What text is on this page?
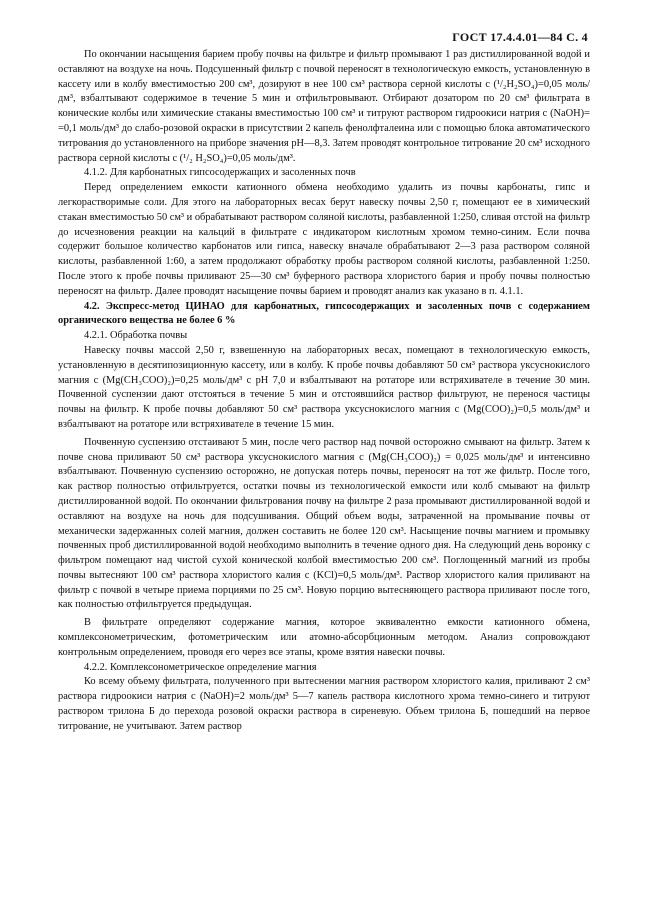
ГОСТ 17.4.4.01—84 С. 4

По окончании насыщения барием пробу почвы на фильтре и фильтр промывают 1 раз дистиллированной водой и оставляют на воздухе на ночь. Подсушенный фильтр с почвой переносят в технологическую емкость, установленную в кассету или в колбу вместимостью 200 см³, дозируют в нее 100 см³ раствора серной кислоты c (¹/₂H₂SO₄)=0,05 моль/дм³, взбалтывают содержимое в течение 5 мин и отфильтровывают. Отбирают дозатором по 20 см³ фильтрата в конические колбы или химические стаканы вместимостью 100 см³ и титруют раствором гидроокиси натрия c (NaOH)= =0,1 моль/дм³ до слабо-розовой окраски в присутствии 2 капель фенолфталеина или с помощью блока автоматического титрования до установленного на приборе значения рН—8,3. Затем проводят контрольное титрование 20 см³ исходного раствора серной кислоты c (¹/₂ H₂SO₄)=0,05 моль/дм³.

4.1.2. Для карбонатных гипсосодержащих и засоленных почв

Перед определением емкости катионного обмена необходимо удалить из почвы карбонаты, гипс и легкорастворимые соли. Для этого на лабораторных весах берут навеску почвы 2,50 г, помещают ее в химический стакан вместимостью 50 см³ и обрабатывают раствором соляной кислоты, разбавленной 1:250, сливая отстой на фильтр до исчезновения реакции на кальций в фильтрате с индикатором кислотным хромом темно-синим. Если почва содержит большое количество карбонатов или гипса, навеску вначале обрабатывают 2—3 раза раствором соляной кислоты, разбавленной 1:60, а затем продолжают обработку пробы раствором соляной кислоты, разбавленной 1:250. После этого к пробе почвы приливают 25—30 см³ буферного раствора хлористого бария и пробу почвы полностью переносят на фильтр. Далее проводят насыщение почвы барием и проводят анализ как указано в п. 4.1.1.

4.2. Экспресс-метод ЦИНАО для карбонатных, гипсосодержащих и засоленных почв с содержанием органического вещества не более 6 %

4.2.1. Обработка почвы

Навеску почвы массой 2,50 г, взвешенную на лабораторных весах, помещают в технологическую емкость, установленную в десятипозиционную кассету, или в колбу. К пробе почвы добавляют 50 см³ раствора уксуснокислого магния c (Mg(CH₃COO)₂)=0,25 моль/дм³ с рН 7,0 и взбалтывают на ротаторе или встряхивателе в течение 30 мин. Почвенной суспензии дают отстояться в течение 5 мин и отстоявшийся раствор фильтруют, не перенося частицы почвы на фильтр. К пробе почвы добавляют 50 см³ раствора уксуснокислого магния c (Mg(COO)₂)=0,5 моль/дм³ и взбалтывают на ротаторе или встряхивателе в течение 15 мин.

Почвенную суспензию отстаивают 5 мин, после чего раствор над почвой осторожно смывают на фильтр. Затем к почве снова приливают 50 см³ раствора уксуснокислого магния c (Mg(CH₃COO)₂) = 0,025 моль/дм³ и интенсивно взбалтывают. Почвенную суспензию осторожно, не допуская потерь почвы, переносят на тот же фильтр. После того, как раствор полностью отфильтруется, остатки почвы из технологической емкости или колб смывают на фильтр дистиллированной водой. По окончании фильтрования почву на фильтре 2 раза промывают дистиллированной водой и оставляют на воздухе на ночь для подсушивания. Общий объем воды, затраченной на промывание почвы от механически задержанных солей магния, должен составить не более 120 см³. Насыщение почвы магнием и промывку почвенных проб дистиллированной водой необходимо выполнить в течение одного дня. На следующий день воронку с фильтром помещают над чистой сухой конической колбой вместимостью 200 см³. Поглощенный магний из пробы почвы вытесняют 100 см³ раствора хлористого калия c (KCl)=0,5 моль/дм³. Раствор хлористого калия приливают на фильтр с почвой в четыре приема порциями по 25 см³. Новую порцию вытесняющего раствора приливают после того, как полностью отфильтруется предыдущая.

В фильтрате определяют содержание магния, которое эквивалентно емкости катионного обмена, комплексонометрическим, фотометрическим или атомно-абсорбционным методом. Анализ сопровождают контрольным определением, проводя его через все этапы, кроме взятия навески почвы.

4.2.2. Комплексонометрическое определение магния

Ко всему объему фильтрата, полученного при вытеснении магния раствором хлористого калия, приливают 2 см³ раствора гидроокиси натрия c (NaOH)=2 моль/дм³ 5—7 капель раствора кислотного хрома темно-синего и титруют раствором трилона Б до перехода розовой окраски раствора в сиреневую. Объем трилона Б, пошедший на первое титрование, не учитывают. Затем раствор
